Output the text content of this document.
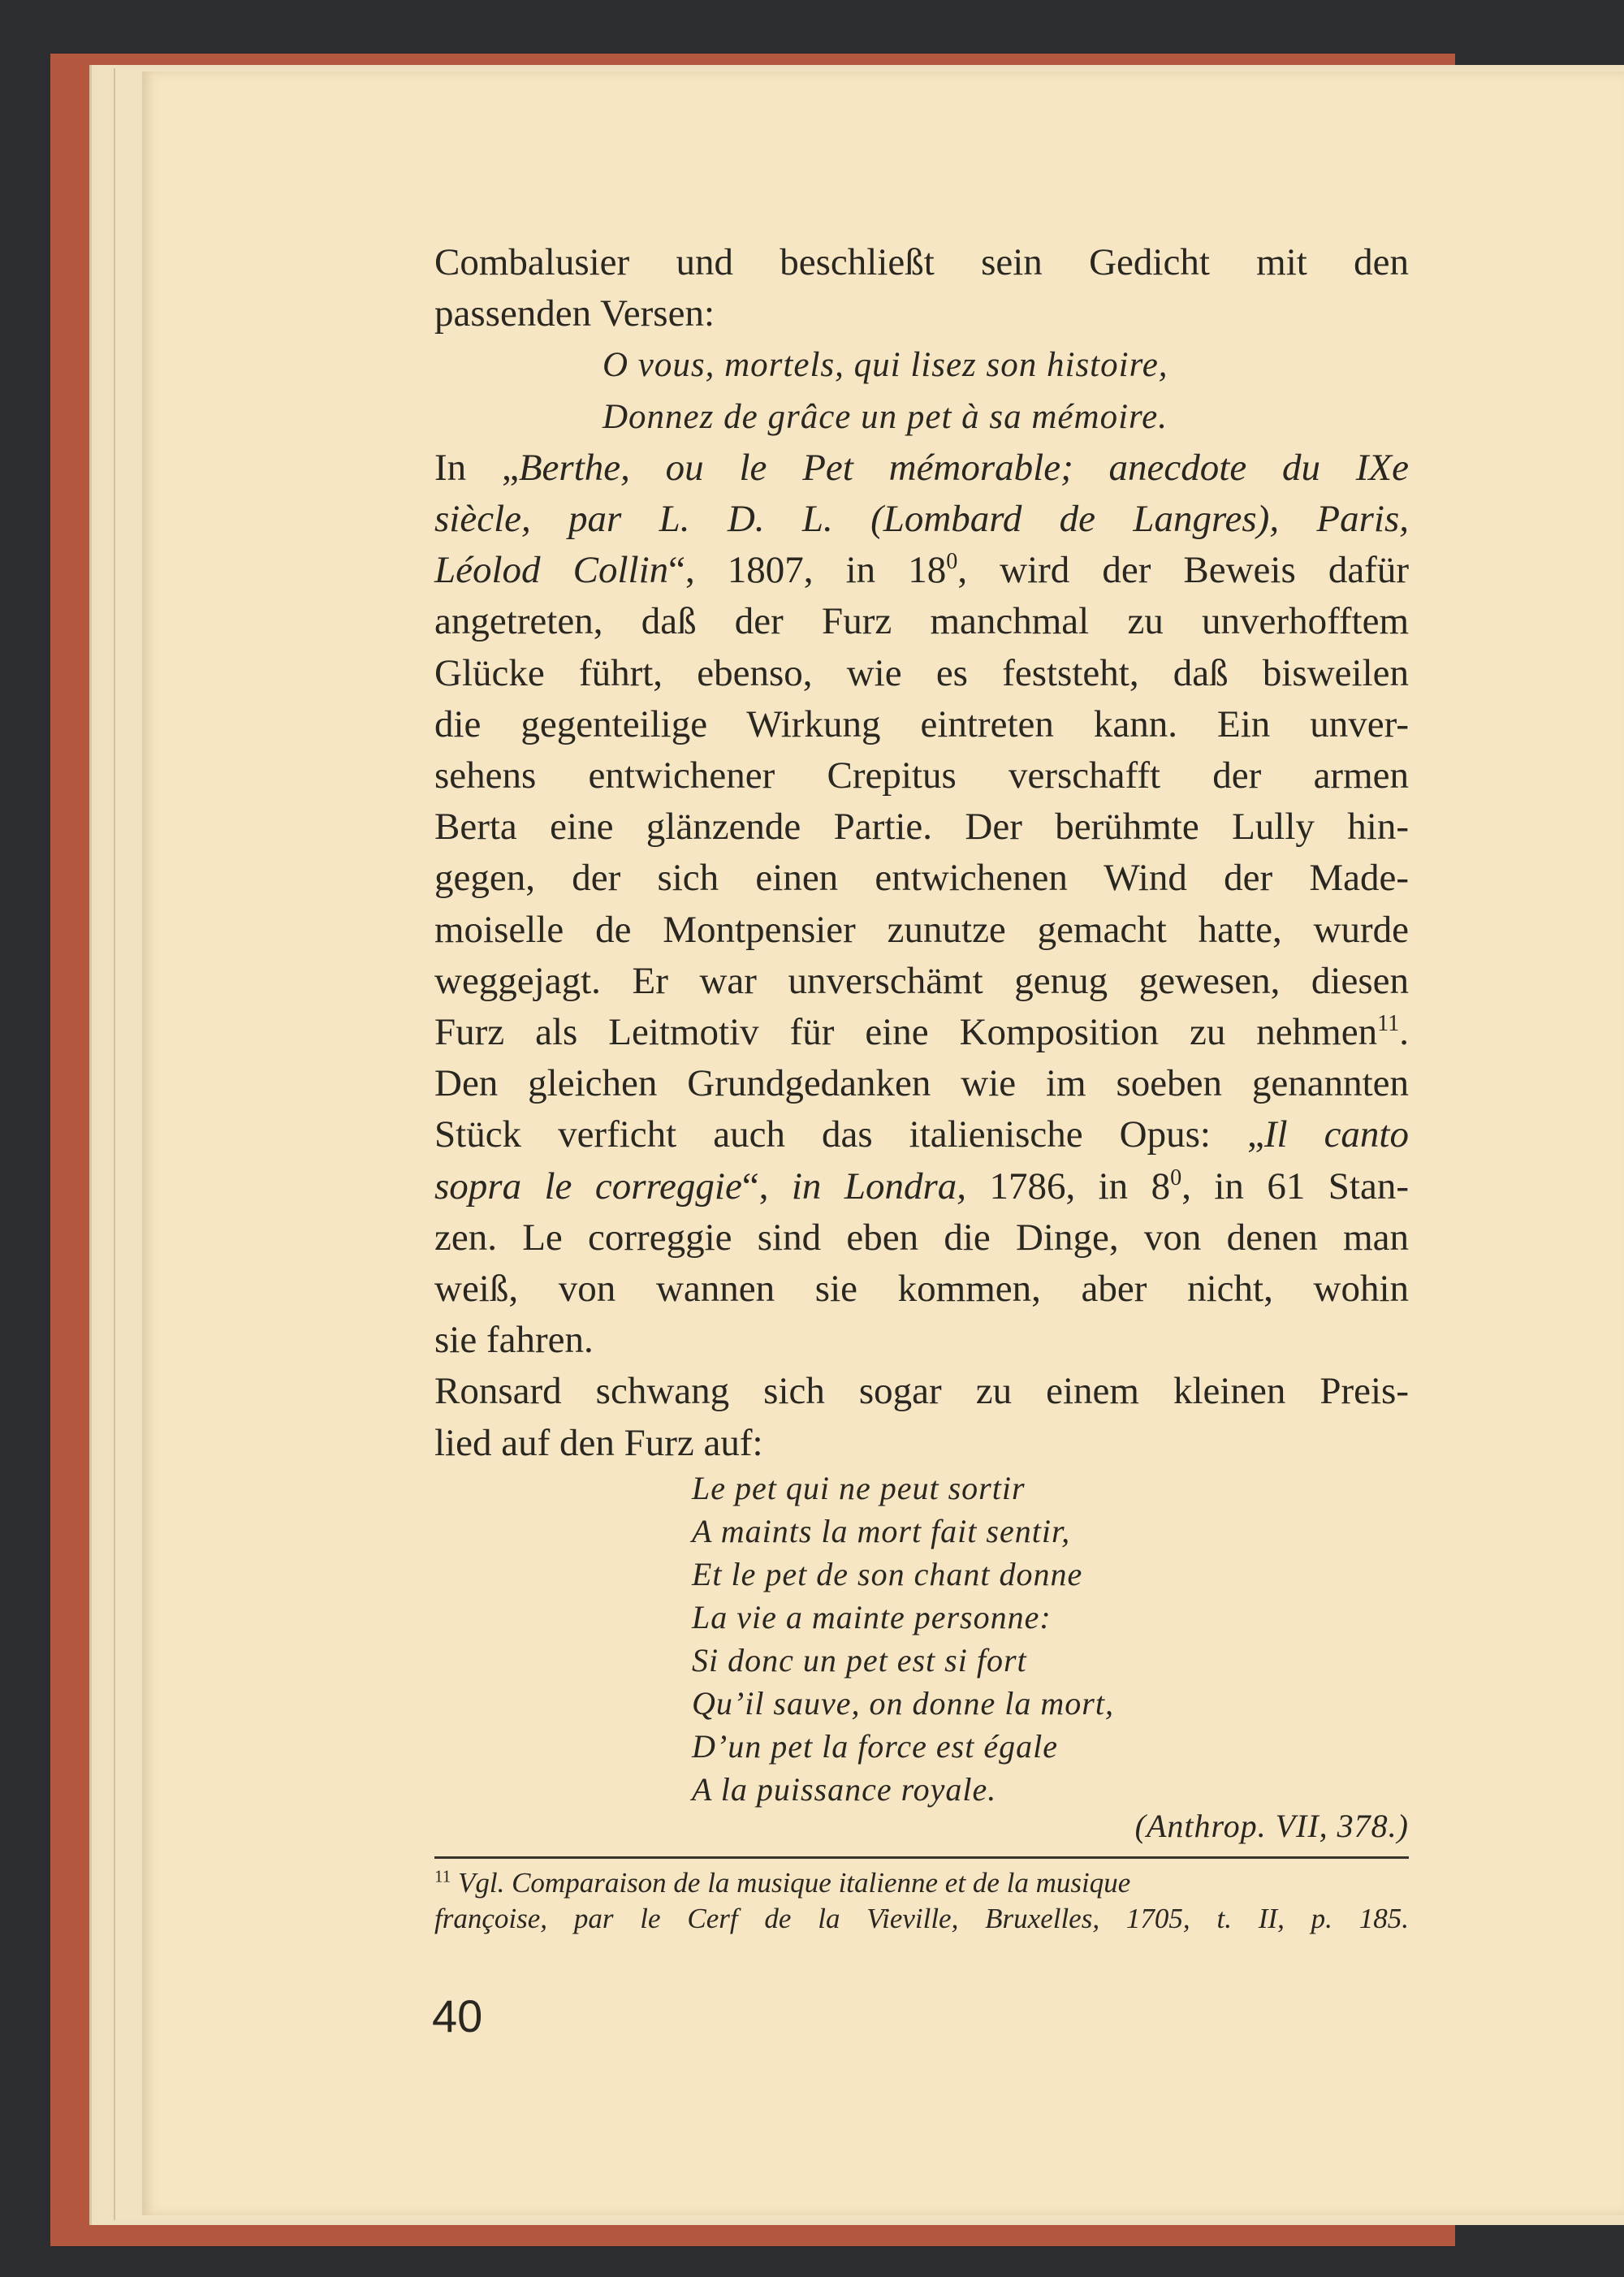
Combalusier und beschließt sein Gedicht mit den
passenden Versen:
O vous, mortels, qui lisez son histoire,
Donnez de grâce un pet à sa mémoire.
In „Berthe, ou le Pet mémorable; anecdote du IXe
siècle, par L. D. L. (Lombard de Langres), Paris,
Léolod Collin“, 1807, in $18^0$, wird der Beweis dafür
angetreten, daß der Furz manchmal zu unverhofftem
Glücke führt, ebenso, wie es feststeht, daß bisweilen
die gegenteilige Wirkung eintreten kann. Ein unver-
sehens entwichener Crepitus verschafft der armen
Berta eine glänzende Partie. Der berühmte Lully hin-
gegen, der sich einen entwichenen Wind der Made-
moiselle de Montpensier zunutze gemacht hatte, wurde
weggejagt. Er war unverschämt genug gewesen, diesen
Furz als Leitmotiv für eine Komposition zu nehmen$^{11}$.
Den gleichen Grundgedanken wie im soeben genannten
Stück verficht auch das italienische Opus: „Il canto
sopra le correggie“, in Londra, 1786, in $8^0$, in 61 Stan-
zen. Le correggie sind eben die Dinge, von denen man
weiß, von wannen sie kommen, aber nicht, wohin
sie fahren.
Ronsard schwang sich sogar zu einem kleinen Preis-
lied auf den Furz auf:
Le pet qui ne peut sortir
A maints la mort fait sentir,
Et le pet de son chant donne
La vie a mainte personne:
Si donc un pet est si fort
Qu’il sauve, on donne la mort,
D’un pet la force est égale
A la puissance royale.
(Anthrop. VII, 378.)
$^{11}$ Vgl. Comparaison de la musique italienne et de la musique
françoise, par le Cerf de la Vieville, Bruxelles, 1705, t. II, p. 185.
40
